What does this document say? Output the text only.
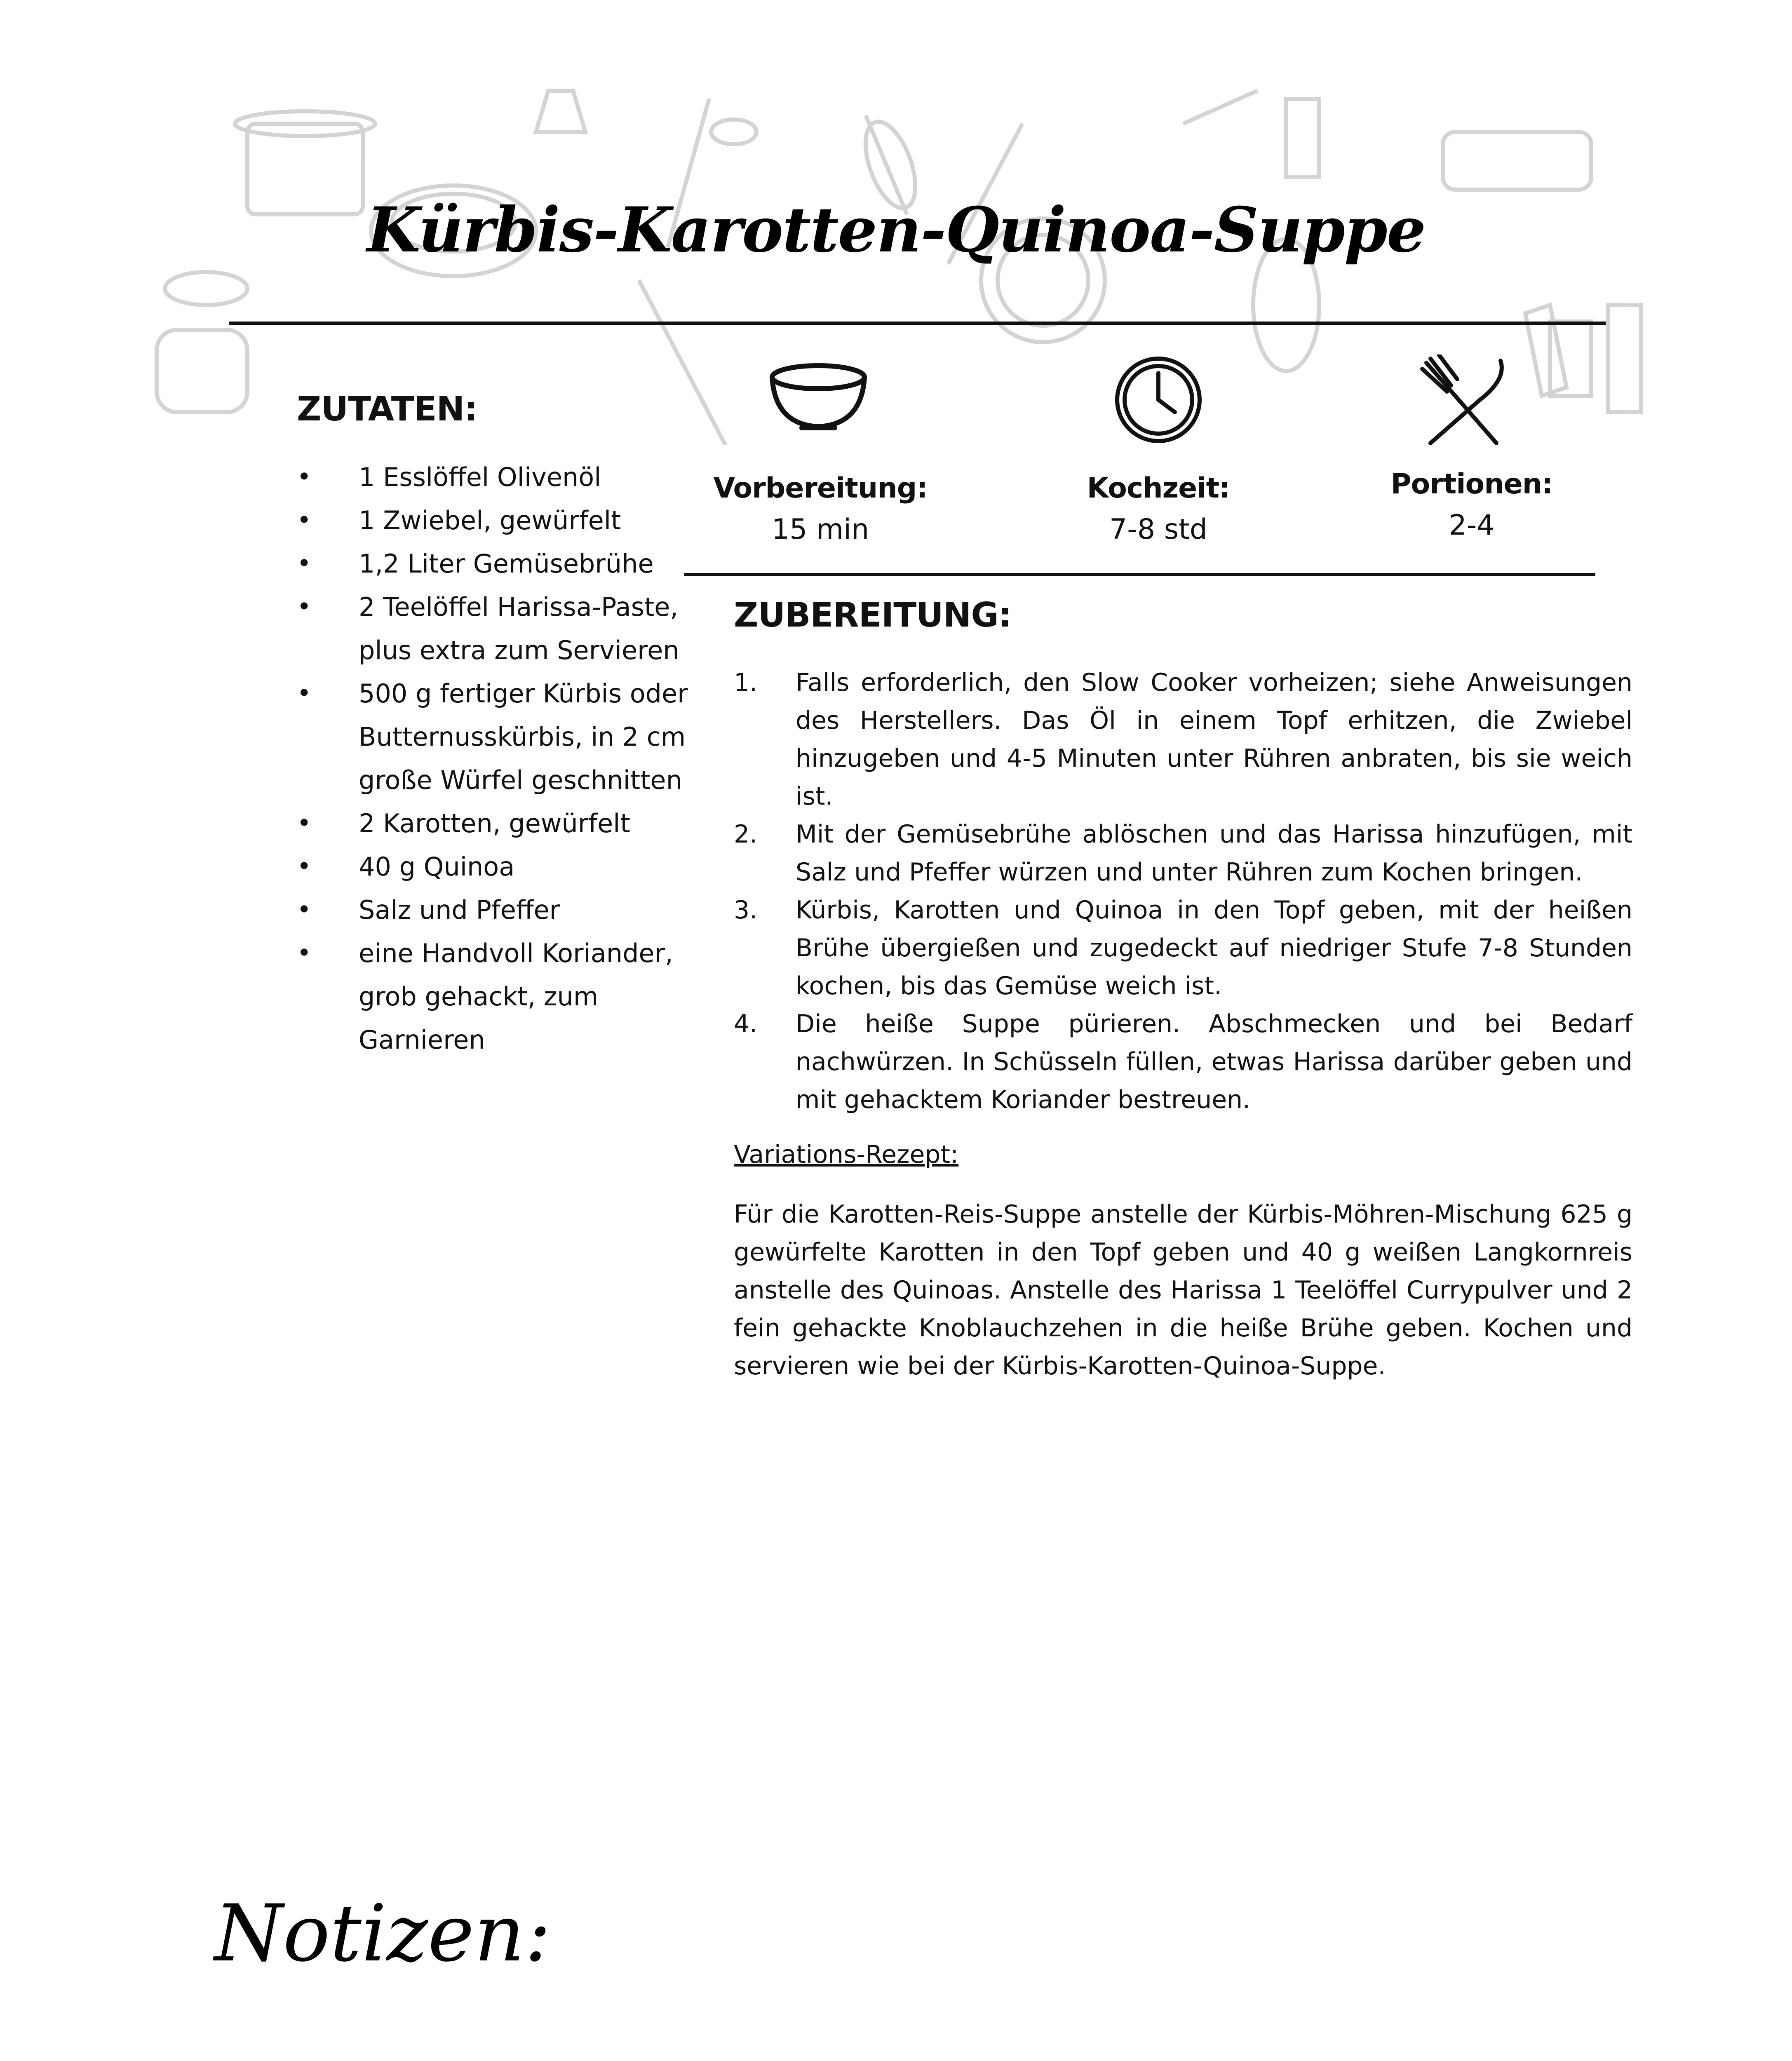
Kürbis-Karotten-Quinoa-Suppe
ZUTATEN:
• 1 Esslöffel Olivenöl
• 1 Zwiebel, gewürfelt
• 1,2 Liter Gemüsebrühe
• 2 Teelöffel Harissa-Paste, plus extra zum Servieren
• 500 g fertiger Kürbis oder Butternusskürbis, in 2 cm große Würfel geschnitten
• 2 Karotten, gewürfelt
• 40 g Quinoa
• Salz und Pfeffer
• eine Handvoll Koriander, grob gehackt, zum Garnieren
Vorbereitung:
15 min
Kochzeit:
7-8 std
Portionen:
2-4
ZUBEREITUNG:
1. Falls erforderlich, den Slow Cooker vorheizen; siehe Anweisungen des Herstellers. Das Öl in einem Topf erhitzen, die Zwiebel hinzugeben und 4-5 Minuten unter Rühren anbraten, bis sie weich ist.
2. Mit der Gemüsebrühe ablöschen und das Harissa hinzufügen, mit Salz und Pfeffer würzen und unter Rühren zum Kochen bringen.
3. Kürbis, Karotten und Quinoa in den Topf geben, mit der heißen Brühe übergießen und zugedeckt auf niedriger Stufe 7-8 Stunden kochen, bis das Gemüse weich ist.
4. Die heiße Suppe pürieren. Abschmecken und bei Bedarf nachwürzen. In Schüsseln füllen, etwas Harissa darüber geben und mit gehacktem Koriander bestreuen.
Variations-Rezept:
Für die Karotten-Reis-Suppe anstelle der Kürbis-Möhren-Mischung 625 g gewürfelte Karotten in den Topf geben und 40 g weißen Langkornreis anstelle des Quinoas. Anstelle des Harissa 1 Teelöffel Currypulver und 2 fein gehackte Knoblauchzehen in die heiße Brühe geben. Kochen und servieren wie bei der Kürbis-Karotten-Quinoa-Suppe.
Notizen:
